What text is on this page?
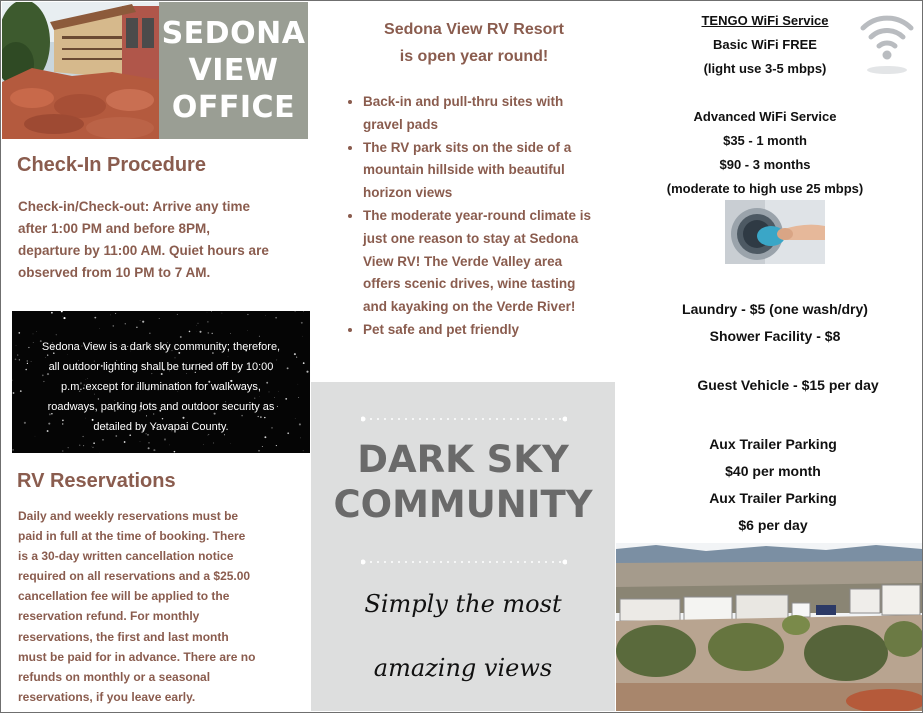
SEDONA
VIEW
OFFICE
Check-In Procedure
Check-in/Check-out: Arrive any time
after 1:00 PM and before 8PM,
departure by 11:00 AM. Quiet hours are
observed from 10 PM to 7 AM.
Sedona View is a dark sky community; therefore,
all outdoor lighting shall be turned off by 10:00
p.m. except for illumination for walkways,
roadways, parking lots and outdoor security as
detailed by Yavapai County.
RV Reservations
Daily and weekly reservations must be
paid in full at the time of booking. There
is a 30-day written cancellation notice
required on all reservations and a $25.00
cancellation fee will be applied to the
reservation refund. For monthly
reservations, the first and last month
must be paid for in advance. There are no
refunds on monthly or a seasonal
reservations, if you leave early.
Sedona View RV Resort
is open year round!
• Back-in and pull-thru sites with
gravel pads
• The RV park sits on the side of a
mountain hillside with beautiful
horizon views
• The moderate year-round climate is
just one reason to stay at Sedona
View RV! The Verde Valley area
offers scenic drives, wine tasting
and kayaking on the Verde River!
• Pet safe and pet friendly
DARK SKY
COMMUNITY
Simply the most
amazing views
TENGO WiFi Service
Basic WiFi FREE
(light use 3-5 mbps)
Advanced WiFi Service
$35 - 1 month
$90 - 3 months
(moderate to high use 25 mbps)
Laundry - $5 (one wash/dry)
Shower Facility - $8
Guest Vehicle - $15 per day
Aux Trailer Parking
$40 per month
Aux Trailer Parking
$6 per day
